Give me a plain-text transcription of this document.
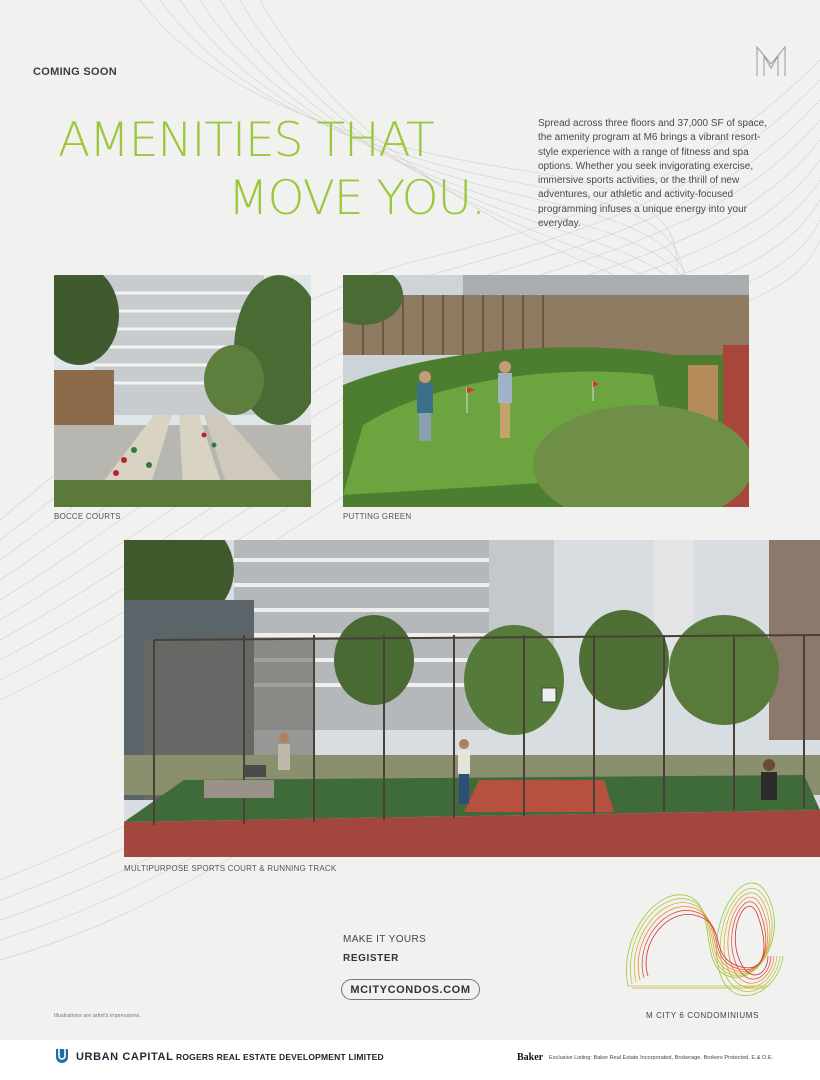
COMING SOON
AMENITIES THAT
MOVE YOU.

Spread across three floors and 37,000 SF of space, the amenity program at M6 brings a vibrant resort-style experience with a range of fitness and spa options. Whether you seek invigorating exercise, immersive sports activities, or the thrill of new adventures, our athletic and activity-focused programming infuses a unique energy into your everyday.

BOCCE COURTS	PUTTING GREEN
MULTIPURPOSE SPORTS COURT & RUNNING TRACK
MAKE IT YOURS
REGISTER
MCITYCONDOS.COM
Illustrations are artist's impressions.	M CITY 6 CONDOMINIUMS
URBAN CAPITAL ROGERS REAL ESTATE DEVELOPMENT LIMITED	Baker Exclusive Listing: Baker Real Estate Incorporated, Brokerage. Brokers Protected. E.& O.E.
